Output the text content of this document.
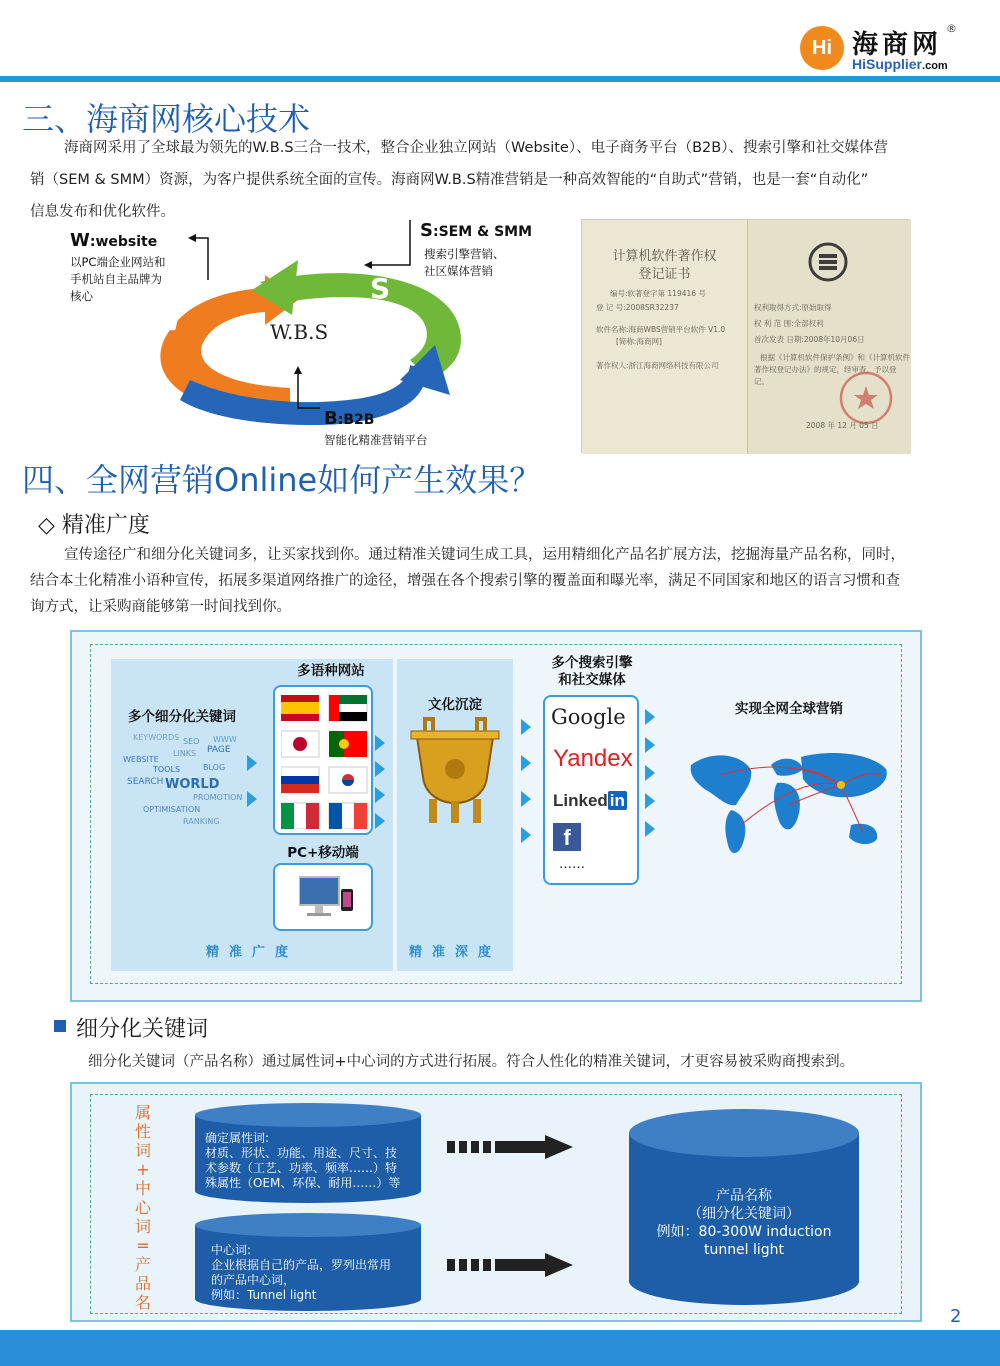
Hi 海商网
®
HiSupplier.com
三、海商网核心技术
海商网采用了全球最为领先的W.B.S三合一技术，整合企业独立网站（Website）、电子商务平台（B2B）、搜索引擎和社交媒体营
销（SEM & SMM）资源，为客户提供系统全面的宣传。海商网W.B.S精准营销是一种高效智能的“自助式”营销，也是一套“自动化”
信息发布和优化软件。
W
S
B
W.B.S
W:website
以PC端企业网站和
手机站自主品牌为
核心
S:SEM & SMM
搜索引擎营销、
社区媒体营销
B:B2B
智能化精准营销平台
计算机软件著作权
登记证书
编号:软著登字第 119416 号
登 记 号:2008SR32237
软件名称:海商WBS营销平台软件 V1.0
[简称:海商网]
著作权人:浙江海商网络科技有限公司
权利取得方式:原始取得
权 利 范 围:全部权利
首次发表 日期:2008年10月06日
根据《计算机软件保护条例》和《计算机软件
著作权登记办法》的规定，经审查，予以登记。
2008 年 12 月 05 日
四、全网营销Online如何产生效果？
◇ 精准广度
宣传途径广和细分化关键词多，让买家找到你。通过精准关键词生成工具，运用精细化产品名扩展方法，挖掘海量产品名称，同时，
结合本土化精准小语种宣传，拓展多渠道网络推广的途径，增强在各个搜索引擎的覆盖面和曝光率，满足不同国家和地区的语言习惯和查
询方式，让采购商能够第一时间找到你。
多个细分化关键词
KEYWORDS SEO
PAGE
WEBSITE
LINKS
WWW
TOOLS	BLOG
SEARCH WORLD
PROMOTION
OPTIMISATION
RANKING
多语种网站
PC+移动端
精准广度
文化沉淀
精准深度
多个搜索引擎
和社交媒体
Google
Yandex
Linked in
f
……
实现全网全球营销
细分化关键词
细分化关键词（产品名称）通过属性词+中心词的方式进行拓展。符合人性化的精准关键词，才更容易被采购商搜索到。
属
性
词
+
中
心
词
=
产
品
名
确定属性词:
材质、形状、功能、用途、尺寸、技
术参数（工艺、功率、频率……）特
殊属性（OEM、环保、耐用……）等
中心词:
企业根据自己的产品，罗列出常用
的产品中心词，
例如：Tunnel light
产品名称
（细分化关键词）
例如：80-300W induction
tunnel light
2
